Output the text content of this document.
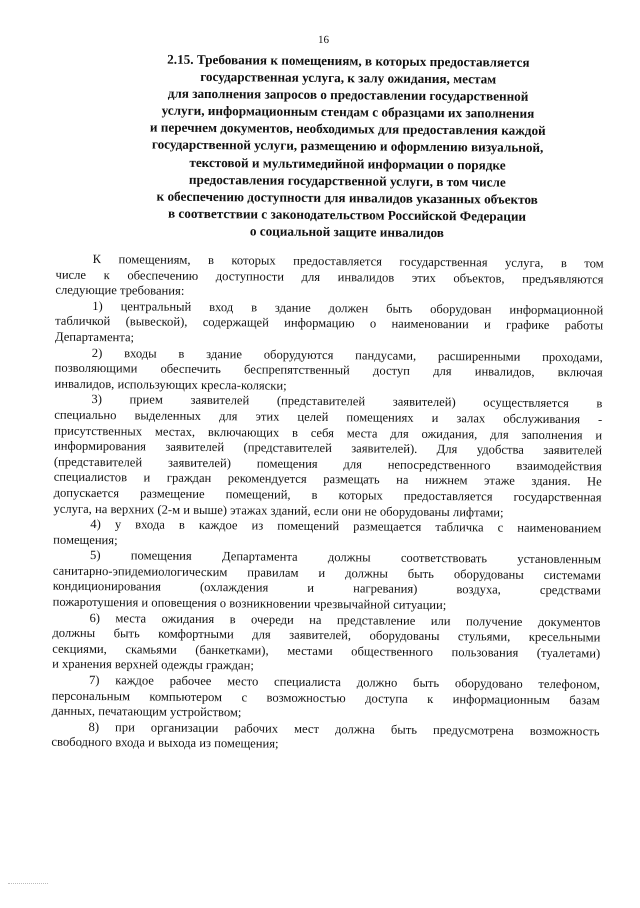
16
2.15. Требования к помещениям, в которых предоставляется
государственная услуга, к залу ожидания, местам
для заполнения запросов о предоставлении государственной
услуги, информационным стендам с образцами их заполнения
и перечнем документов, необходимых для предоставления каждой
государственной услуги, размещению и оформлению визуальной,
текстовой и мультимедийной информации о порядке
предоставления государственной услуги, в том числе
к обеспечению доступности для инвалидов указанных объектов
в соответствии с законодательством Российской Федерации
о социальной защите инвалидов

К помещениям, в которых предоставляется государственная услуга, в том
числе к обеспечению доступности для инвалидов этих объектов, предъявляются
следующие требования:

1) центральный вход в здание должен быть оборудован информационной
табличкой (вывеской), содержащей информацию о наименовании и графике работы
Департамента;

2) входы в здание оборудуются пандусами, расширенными проходами,
позволяющими обеспечить беспрепятственный доступ для инвалидов, включая
инвалидов, использующих кресла-коляски;

3) прием заявителей (представителей заявителей) осуществляется в
специально выделенных для этих целей помещениях и залах обслуживания -
присутственных местах, включающих в себя места для ожидания, для заполнения и
информирования заявителей (представителей заявителей). Для удобства заявителей
(представителей заявителей) помещения для непосредственного взаимодействия
специалистов и граждан рекомендуется размещать на нижнем этаже здания. Не
допускается размещение помещений, в которых предоставляется государственная
услуга, на верхних (2-м и выше) этажах зданий, если они не оборудованы лифтами;

4) у входа в каждое из помещений размещается табличка с наименованием
помещения;

5) помещения Департамента должны соответствовать установленным
санитарно-эпидемиологическим правилам и должны быть оборудованы системами
кондиционирования (охлаждения и нагревания) воздуха, средствами
пожаротушения и оповещения о возникновении чрезвычайной ситуации;

6) места ожидания в очереди на представление или получение документов
должны быть комфортными для заявителей, оборудованы стульями, кресельными
секциями, скамьями (банкетками), местами общественного пользования (туалетами)
и хранения верхней одежды граждан;

7) каждое рабочее место специалиста должно быть оборудовано телефоном,
персональным компьютером с возможностью доступа к информационным базам
данных, печатающим устройством;

8) при организации рабочих мест должна быть предусмотрена возможность
свободного входа и выхода из помещения;
